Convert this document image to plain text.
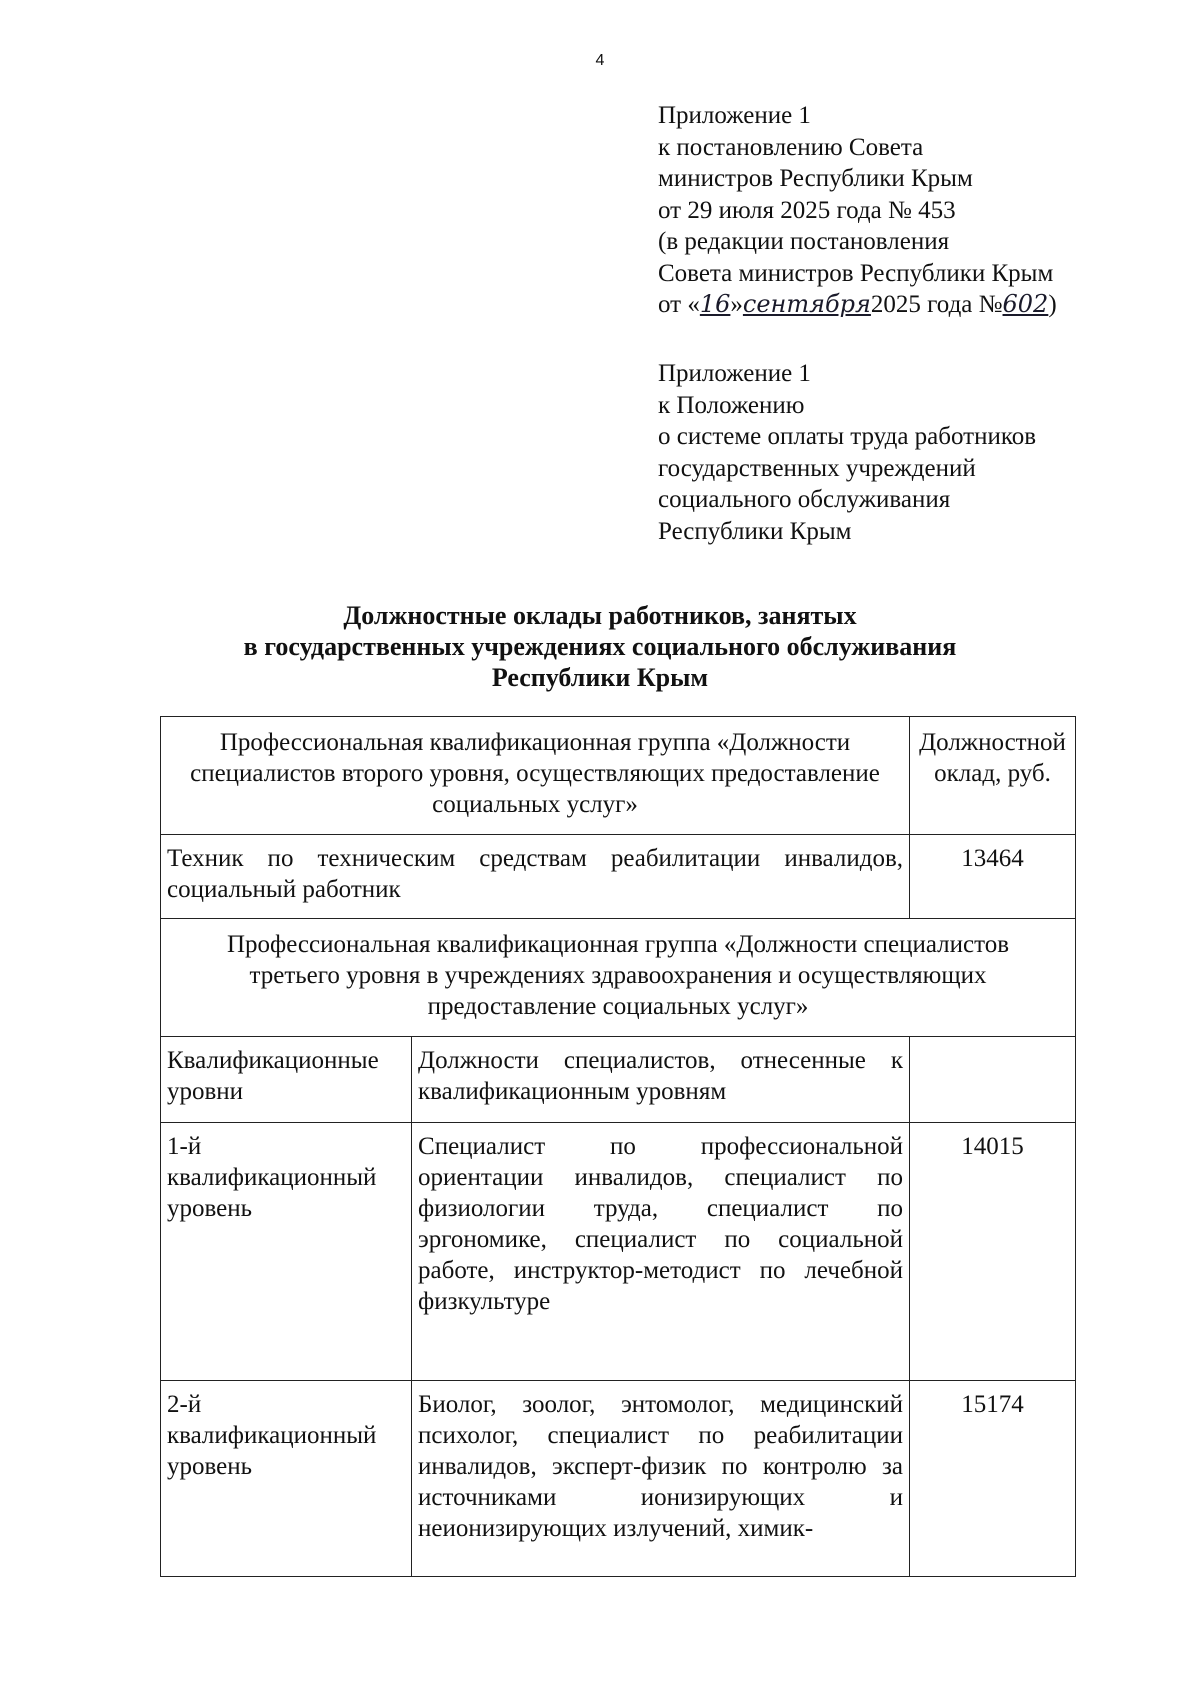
4
Приложение 1
к постановлению Совета
министров Республики Крым
от 29 июля 2025 года № 453
(в редакции постановления
Совета министров Республики Крым
от «16»сентября2025 года №602)
Приложение 1
к Положению
о системе оплаты труда работников
государственных учреждений
социального обслуживания
Республики Крым
Должностные оклады работников, занятых
в государственных учреждениях социального обслуживания
Республики Крым
Профессиональная квалификационная группа «Должности специалистов второго уровня, осуществляющих предоставление социальных услуг»		Должностной оклад, руб.
Техник по техническим средствам реабилитации инвалидов, социальный работник		13464
Профессиональная квалификационная группа «Должности специалистов третьего уровня в учреждениях здравоохранения и осуществляющих предоставление социальных услуг»		
Квалификационные уровни	Должности специалистов, отнесенные к квалификационным уровням	
1-й квалификационный уровень	Специалист по профессиональной ориентации инвалидов, специалист по физиологии труда, специалист по эргономике, специалист по социальной работе, инструктор-методист по лечебной физкультуре	14015
2-й квалификационный уровень	Биолог, зоолог, энтомолог, медицинский психолог, специалист по реабилитации инвалидов, эксперт-физик по контролю за источниками ионизирующих и неионизирующих излучений, химик-	15174
